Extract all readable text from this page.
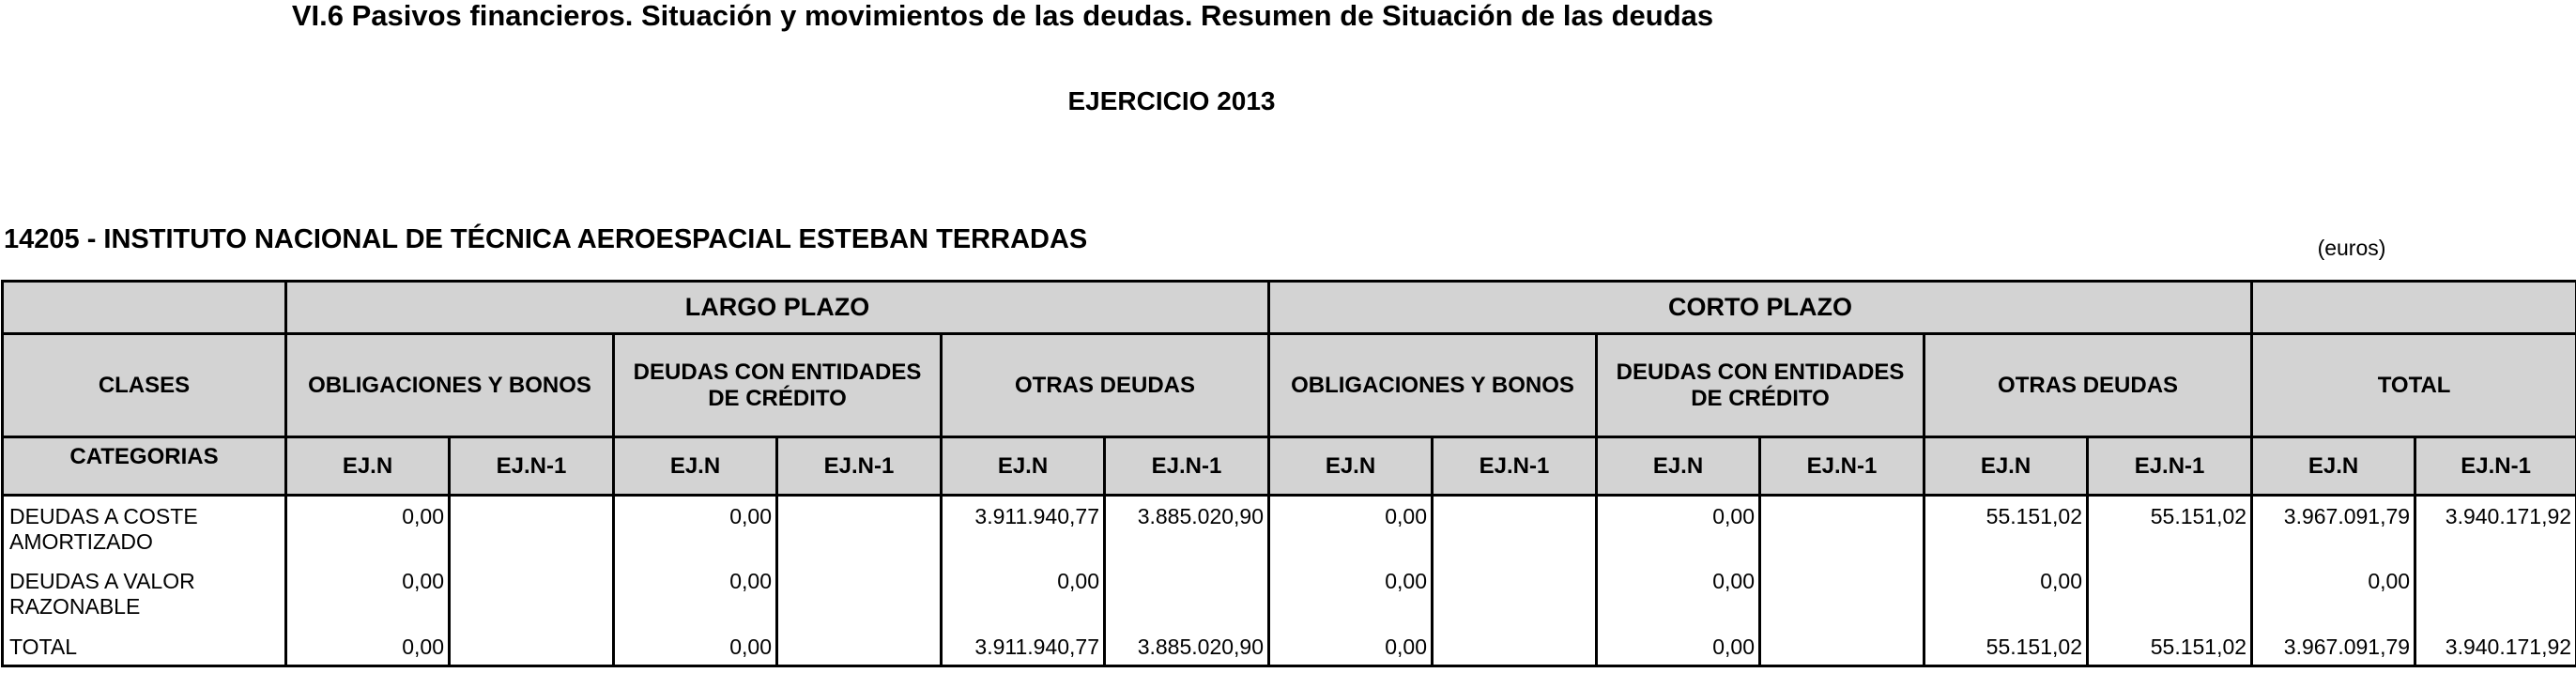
VI.6 Pasivos financieros. Situación y movimientos de las deudas. Resumen de Situación de las deudas
EJERCICIO 2013
14205 - INSTITUTO NACIONAL DE TÉCNICA AEROESPACIAL ESTEBAN TERRADAS	(euros)
	LARGO PLAZO						CORTO PLAZO							
CLASES	OBLIGACIONES Y BONOS		DEUDAS CON ENTIDADES DE CRÉDITO		OTRAS DEUDAS		OBLIGACIONES Y BONOS		DEUDAS CON ENTIDADES DE CRÉDITO		OTRAS DEUDAS		TOTAL	
CATEGORIAS	EJ.N	EJ.N-1	EJ.N	EJ.N-1	EJ.N	EJ.N-1	EJ.N	EJ.N-1	EJ.N	EJ.N-1	EJ.N	EJ.N-1	EJ.N	EJ.N-1
DEUDAS A COSTE AMORTIZADO	0,00		0,00		3.911.940,77	3.885.020,90	0,00		0,00		55.151,02	55.151,02	3.967.091,79	3.940.171,92
DEUDAS A VALOR RAZONABLE	0,00		0,00		0,00		0,00		0,00		0,00		0,00	
TOTAL	0,00		0,00		3.911.940,77	3.885.020,90	0,00		0,00		55.151,02	55.151,02	3.967.091,79	3.940.171,92
